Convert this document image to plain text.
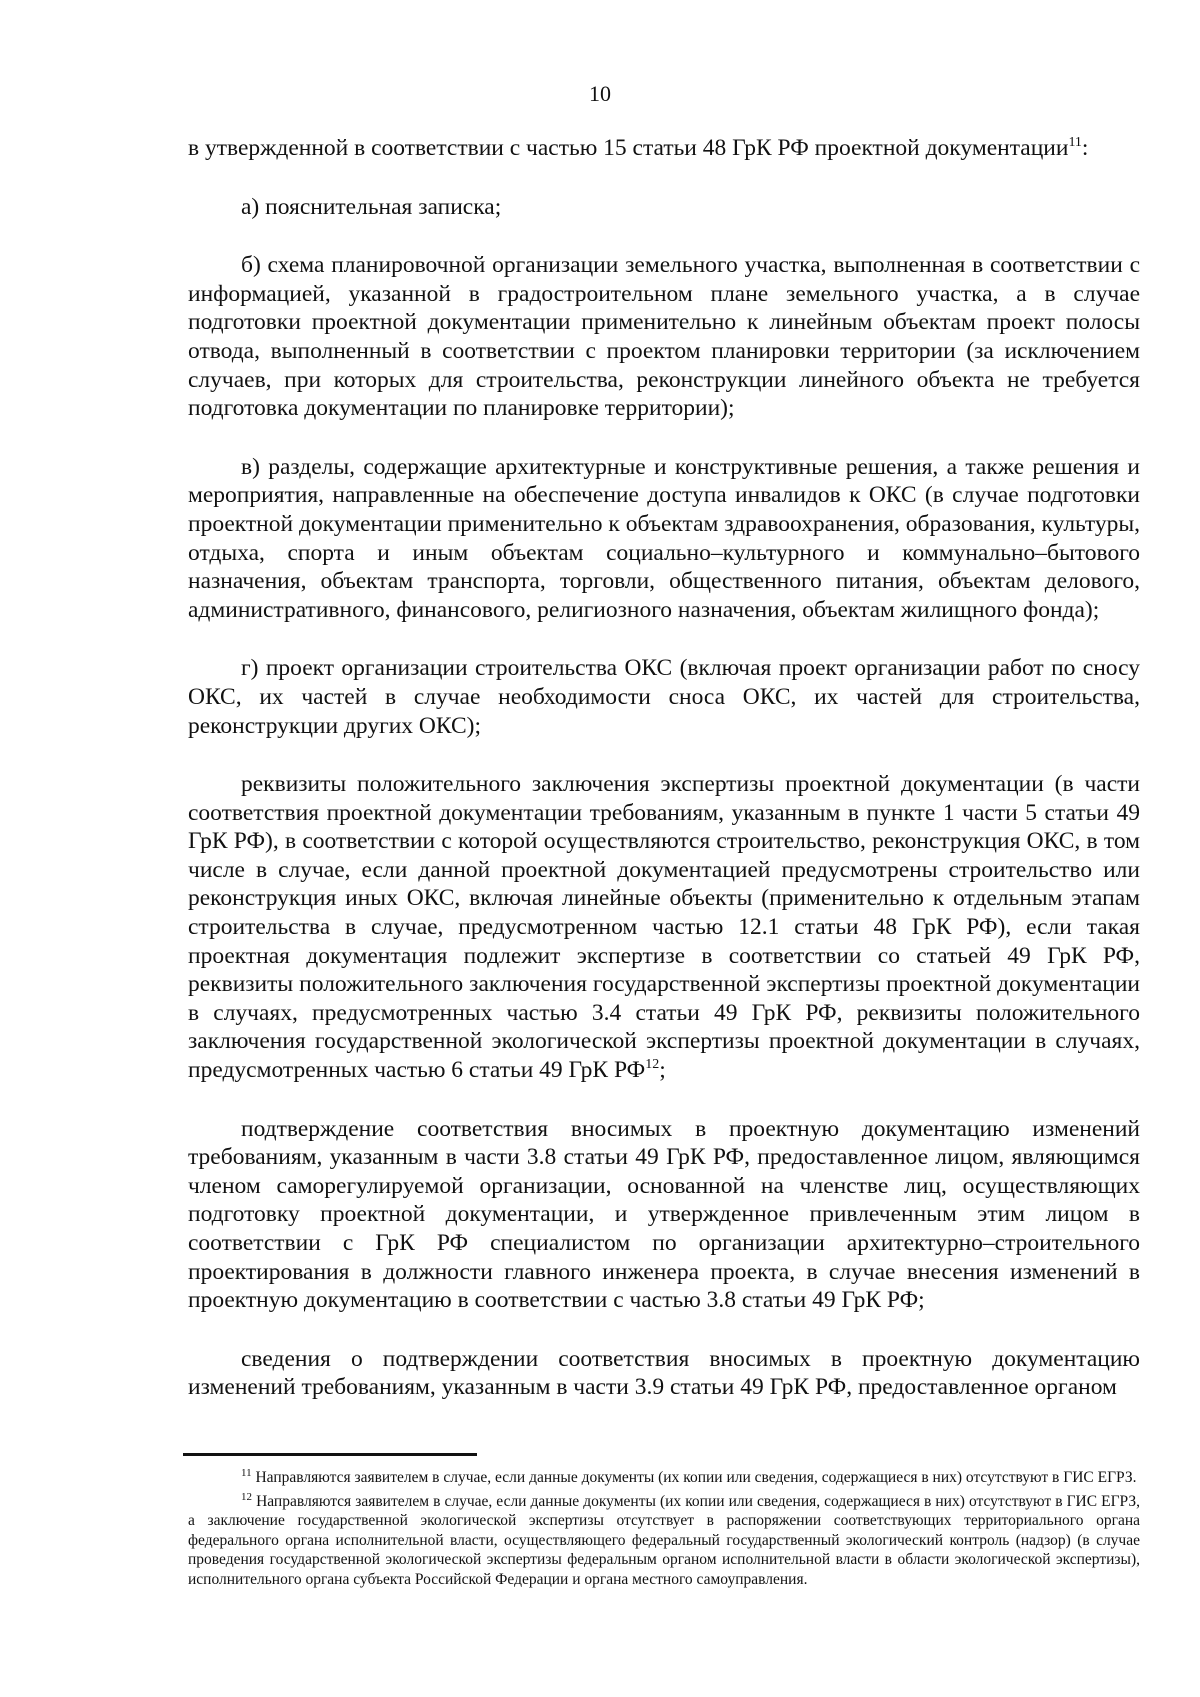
10

в утвержденной в соответствии с частью 15 статьи 48 ГрК РФ проектной документации$^{11}$:

а) пояснительная записка;

б) схема планировочной организации земельного участка, выполненная в соответствии с информацией, указанной в градостроительном плане земельного участка, а в случае подготовки проектной документации применительно к линейным объектам проект полосы отвода, выполненный в соответствии с проектом планировки территории (за исключением случаев, при которых для строительства, реконструкции линейного объекта не требуется подготовка документации по планировке территории);

в) разделы, содержащие архитектурные и конструктивные решения, а также решения и мероприятия, направленные на обеспечение доступа инвалидов к ОКС (в случае подготовки проектной документации применительно к объектам здравоохранения, образования, культуры, отдыха, спорта и иным объектам социально–культурного и коммунально–бытового назначения, объектам транспорта, торговли, общественного питания, объектам делового, административного, финансового, религиозного назначения, объектам жилищного фонда);

г) проект организации строительства ОКС (включая проект организации работ по сносу ОКС, их частей в случае необходимости сноса ОКС, их частей для строительства, реконструкции других ОКС);

реквизиты положительного заключения экспертизы проектной документации (в части соответствия проектной документации требованиям, указанным в пункте 1 части 5 статьи 49 ГрК РФ), в соответствии с которой осуществляются строительство, реконструкция ОКС, в том числе в случае, если данной проектной документацией предусмотрены строительство или реконструкция иных ОКС, включая линейные объекты (применительно к отдельным этапам строительства в случае, предусмотренном частью 12.1 статьи 48 ГрК РФ), если такая проектная документация подлежит экспертизе в соответствии со статьей 49 ГрК РФ, реквизиты положительного заключения государственной экспертизы проектной документации в случаях, предусмотренных частью 3.4 статьи 49 ГрК РФ, реквизиты положительного заключения государственной экологической экспертизы проектной документации в случаях, предусмотренных частью 6 статьи 49 ГрК РФ$^{12}$;

подтверждение соответствия вносимых в проектную документацию изменений требованиям, указанным в части 3.8 статьи 49 ГрК РФ, предоставленное лицом, являющимся членом саморегулируемой организации, основанной на членстве лиц, осуществляющих подготовку проектной документации, и утвержденное привлеченным этим лицом в соответствии с ГрК РФ специалистом по организации архитектурно–строительного проектирования в должности главного инженера проекта, в случае внесения изменений в проектную документацию в соответствии с частью 3.8 статьи 49 ГрК РФ;

сведения о подтверждении соответствия вносимых в проектную документацию изменений требованиям, указанным в части 3.9 статьи 49 ГрК РФ, предоставленное органом

$^{11}$ Направляются заявителем в случае, если данные документы (их копии или сведения, содержащиеся в них) отсутствуют в ГИС ЕГРЗ.

$^{12}$ Направляются заявителем в случае, если данные документы (их копии или сведения, содержащиеся в них) отсутствуют в ГИС ЕГРЗ, а заключение государственной экологической экспертизы отсутствует в распоряжении соответствующих территориального органа федерального органа исполнительной власти, осуществляющего федеральный государственный экологический контроль (надзор) (в случае проведения государственной экологической экспертизы федеральным органом исполнительной власти в области экологической экспертизы), исполнительного органа субъекта Российской Федерации и органа местного самоуправления.
